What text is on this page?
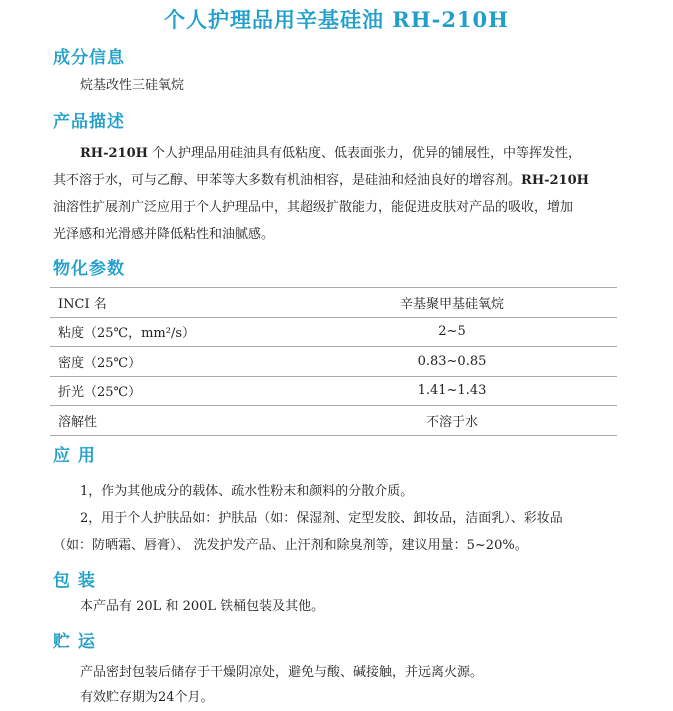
个人护理品用辛基硅油 RH-210H
成分信息
烷基改性三硅氧烷
产品描述
RH-210H 个人护理品用硅油具有低粘度、低表面张力，优异的铺展性，中等挥发性，
其不溶于水，可与乙醇、甲苯等大多数有机油相容，是硅油和烃油良好的增容剂。RH-210H
油溶性扩展剂广泛应用于个人护理品中，其超级扩散能力，能促进皮肤对产品的吸收，增加
光泽感和光滑感并降低粘性和油腻感。
物化参数
INCI 名	辛基聚甲基硅氧烷
粘度（25℃，mm²/s）	2~5
密度（25℃）	0.83~0.85
折光（25℃）	1.41~1.43
溶解性	不溶于水
应 用
1，作为其他成分的载体、疏水性粉末和颜料的分散介质。
2，用于个人护肤品如：护肤品（如：保湿剂、定型发胶、卸妆品，洁面乳）、彩妆品
（如：防晒霜、唇膏）、 洗发护发产品、止汗剂和除臭剂等，建议用量：5~20%。
包 装
本产品有 20L 和 200L 铁桶包装及其他。
贮 运
产品密封包装后储存于干燥阴凉处，避免与酸、碱接触，并远离火源。
有效贮存期为24个月。
